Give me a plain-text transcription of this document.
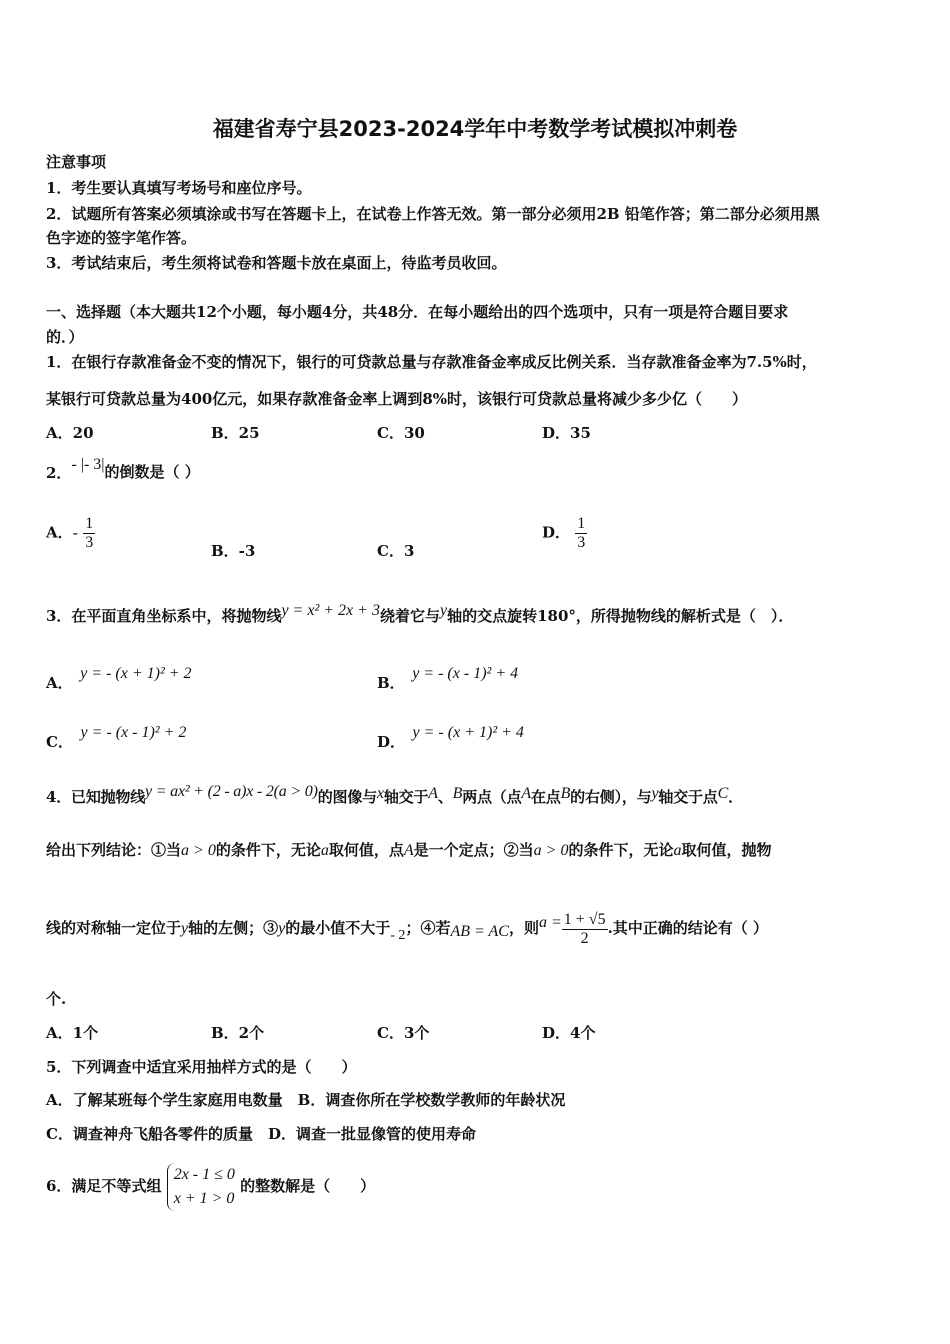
福建省寿宁县2023-2024学年中考数学考试模拟冲刺卷
注意事项
1．考生要认真填写考场号和座位序号。
2．试题所有答案必须填涂或书写在答题卡上，在试卷上作答无效。第一部分必须用2B 铅笔作答；第二部分必须用黑
色字迹的签字笔作答。
3．考试结束后，考生须将试卷和答题卡放在桌面上，待监考员收回。
一、选择题（本大题共12个小题，每小题4分，共48分．在每小题给出的四个选项中，只有一项是符合题目要求
的．）
1．在银行存款准备金不变的情况下，银行的可贷款总量与存款准备金率成反比例关系．当存款准备金率为7.5%时，
某银行可贷款总量为400亿元，如果存款准备金率上调到8%时，该银行可贷款总量将减少多少亿（　　）
A．20	B．25	C．30	D．35
2．- |- 3|的倒数是（ ）
A．- $\frac{1}{3}$	B．-3	C．3
D． $\frac{1}{3}$
3．在平面直角坐标系中，将抛物线y = x² + 2x + 3绕着它与y轴的交点旋转180°，所得抛物线的解析式是（　）．
A．　y = - (x + 1)² + 2
B．　y = - (x - 1)² + 4
C．　y = - (x - 1)² + 2
D．　y = - (x + 1)² + 4
4．已知抛物线y = ax² + (2 - a)x - 2(a > 0)的图像与x轴交于A、B两点（点A在点B的右侧），与y轴交于点C．
给出下列结论：①当a > 0的条件下，无论a取何值，点A是一个定点；②当a > 0的条件下，无论a取何值，抛物
线的对称轴一定位于y轴的左侧；③y的最小值不大于- 2；④若AB = AC，则$a = \frac{1 + √5}{2}$ .其中正确的结论有（ ）
个.
A．1个	B．2个	C．3个	D．4个
5．下列调查中适宜采用抽样方式的是（　　）
A．了解某班每个学生家庭用电数量　B．调查你所在学校数学教师的年龄状况
C．调查神舟飞船各零件的质量　D．调查一批显像管的使用寿命
6．满足不等式组
2x - 1 ≤ 0
x + 1 > 0
的整数解是（　　）
